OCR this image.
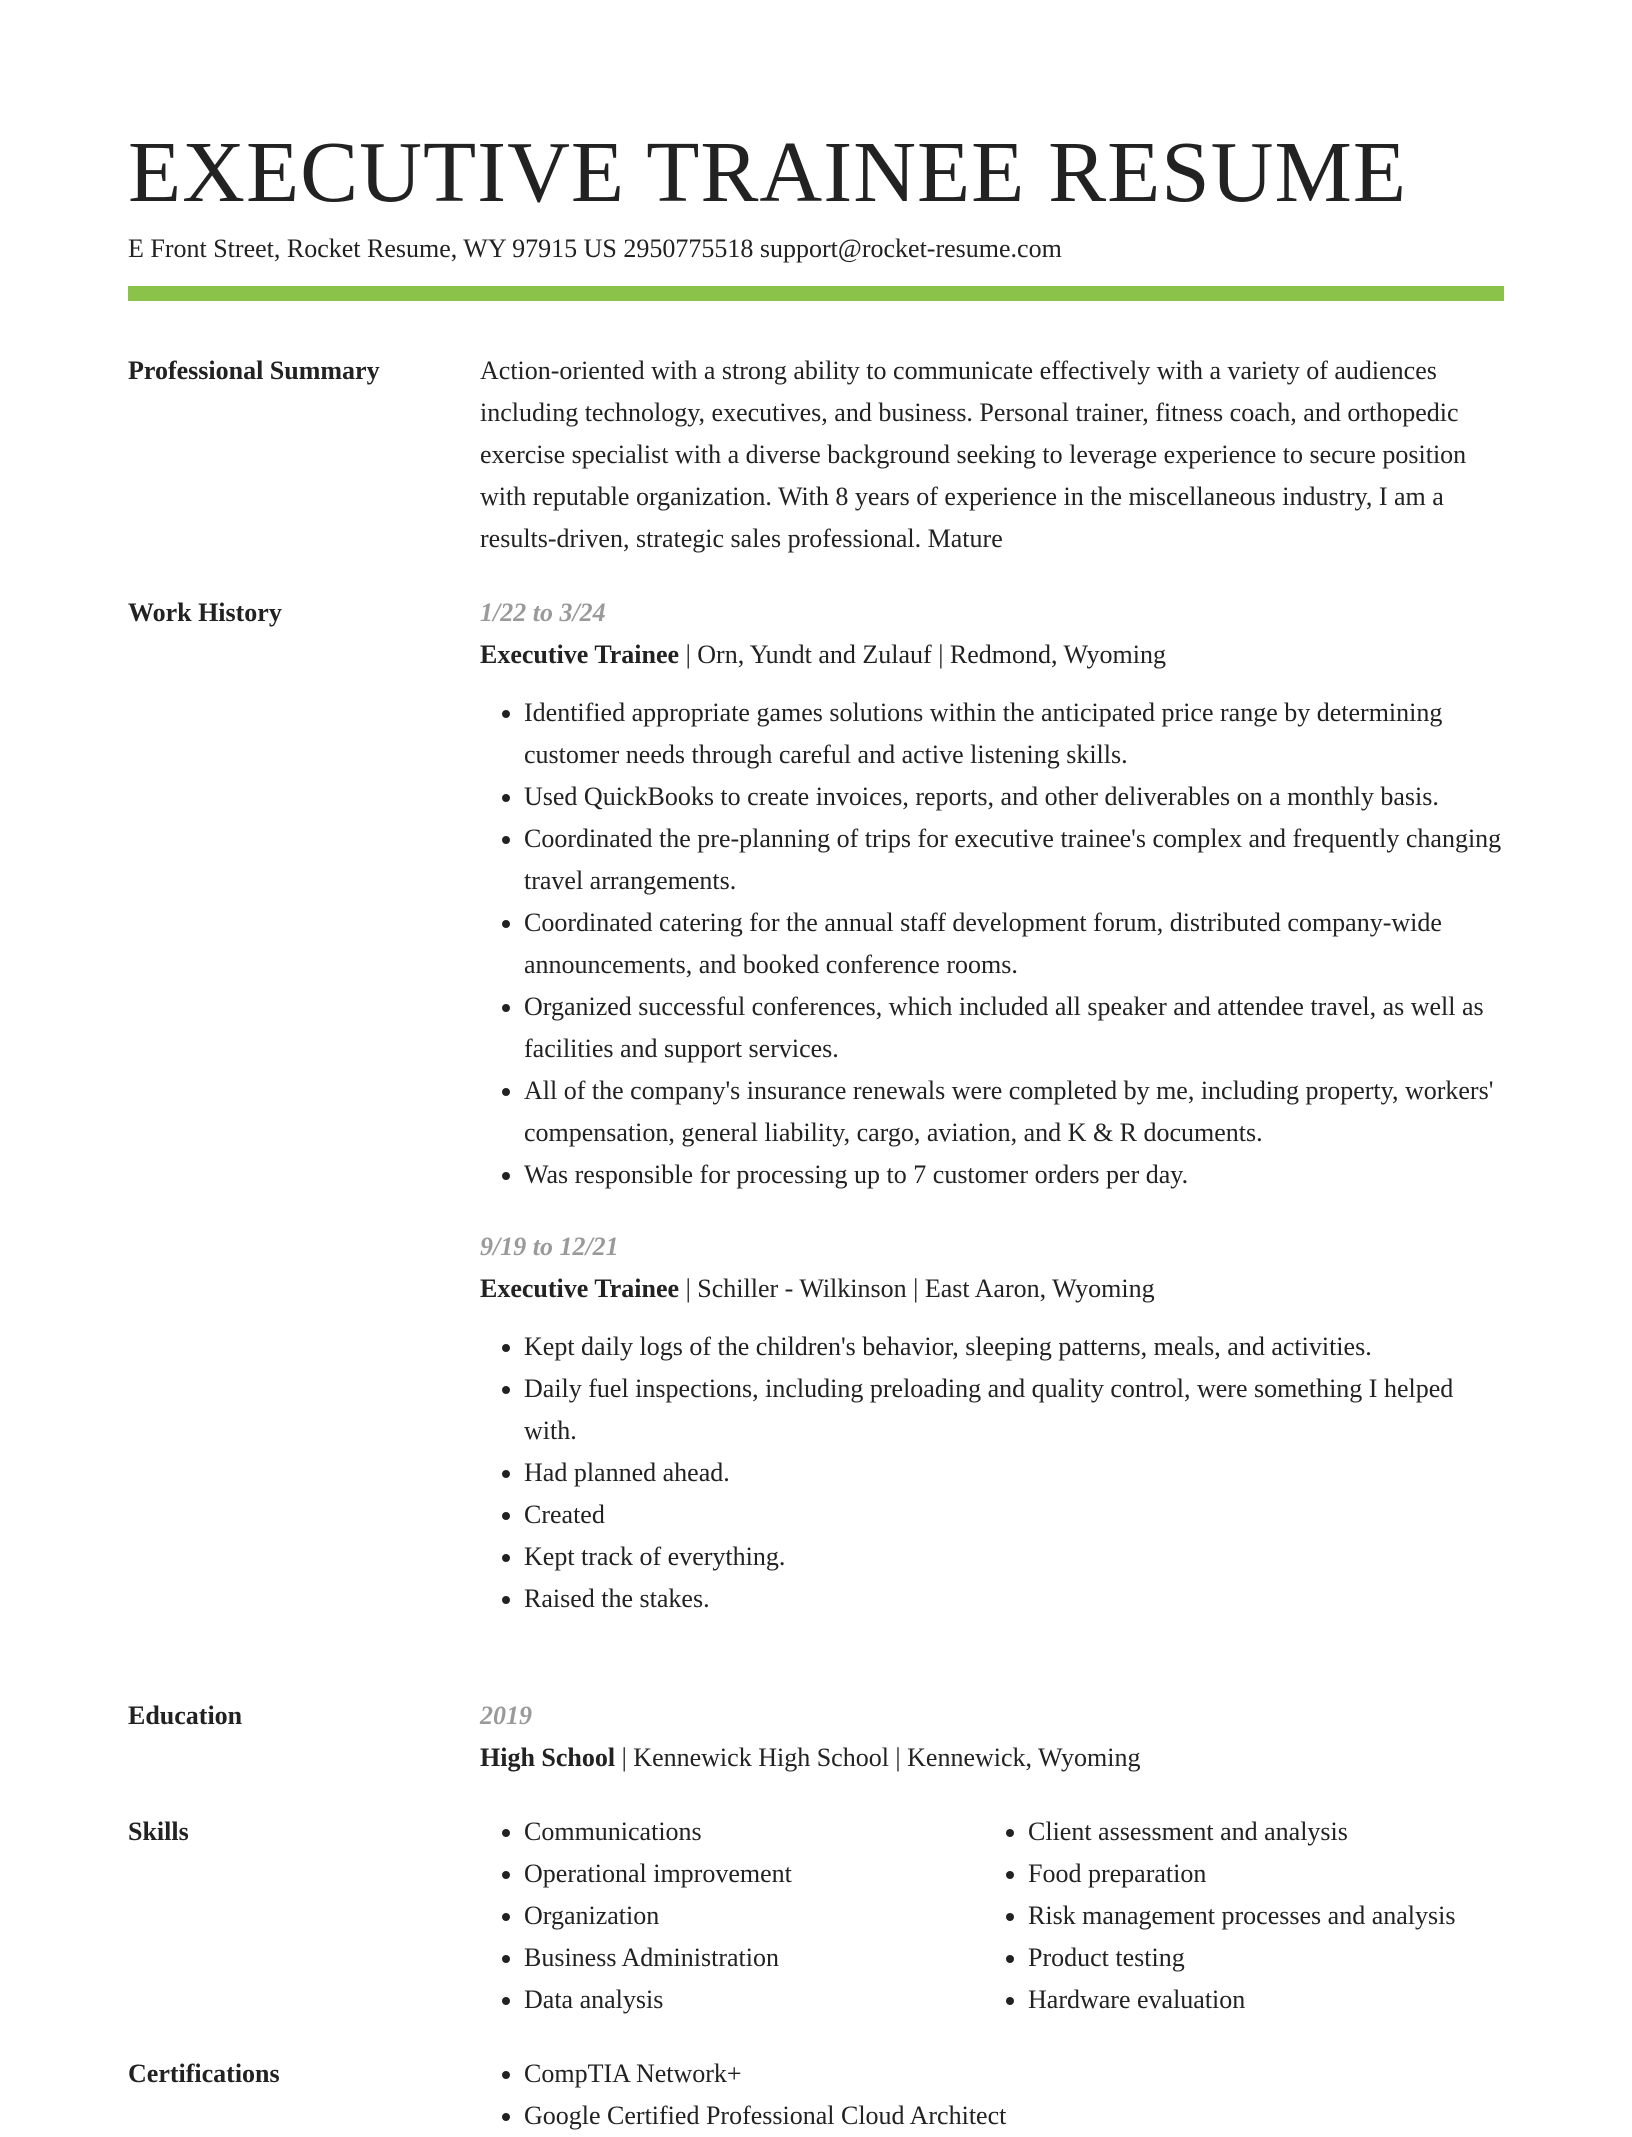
EXECUTIVE TRAINEE RESUME
E Front Street, Rocket Resume, WY 97915 US 2950775518 support@rocket-resume.com
Professional Summary	Action-oriented with a strong ability to communicate effectively with a variety of audiences including technology, executives, and business. Personal trainer, fitness coach, and orthopedic exercise specialist with a diverse background seeking to leverage experience to secure position with reputable organization. With 8 years of experience in the miscellaneous industry, I am a results-driven, strategic sales professional. Mature

Work History	1/22 to 3/24
Executive Trainee | Orn, Yundt and Zulauf | Redmond, Wyoming
• Identified appropriate games solutions within the anticipated price range by determining customer needs through careful and active listening skills.
• Used QuickBooks to create invoices, reports, and other deliverables on a monthly basis.
• Coordinated the pre-planning of trips for executive trainee's complex and frequently changing travel arrangements.
• Coordinated catering for the annual staff development forum, distributed company-wide announcements, and booked conference rooms.
• Organized successful conferences, which included all speaker and attendee travel, as well as facilities and support services.
• All of the company's insurance renewals were completed by me, including property, workers' compensation, general liability, cargo, aviation, and K & R documents.
• Was responsible for processing up to 7 customer orders per day.
9/19 to 12/21
Executive Trainee | Schiller - Wilkinson | East Aaron, Wyoming
• Kept daily logs of the children's behavior, sleeping patterns, meals, and activities.
• Daily fuel inspections, including preloading and quality control, were something I helped with.
• Had planned ahead.
• Created
• Kept track of everything.
• Raised the stakes.
Education	2019
High School | Kennewick High School | Kennewick, Wyoming
Skills	• Communications
• Operational improvement
• Organization
• Business Administration
• Data analysis
• Client assessment and analysis
• Food preparation
• Risk management processes and analysis
• Product testing
• Hardware evaluation
Certifications	• CompTIA Network+
• Google Certified Professional Cloud Architect
